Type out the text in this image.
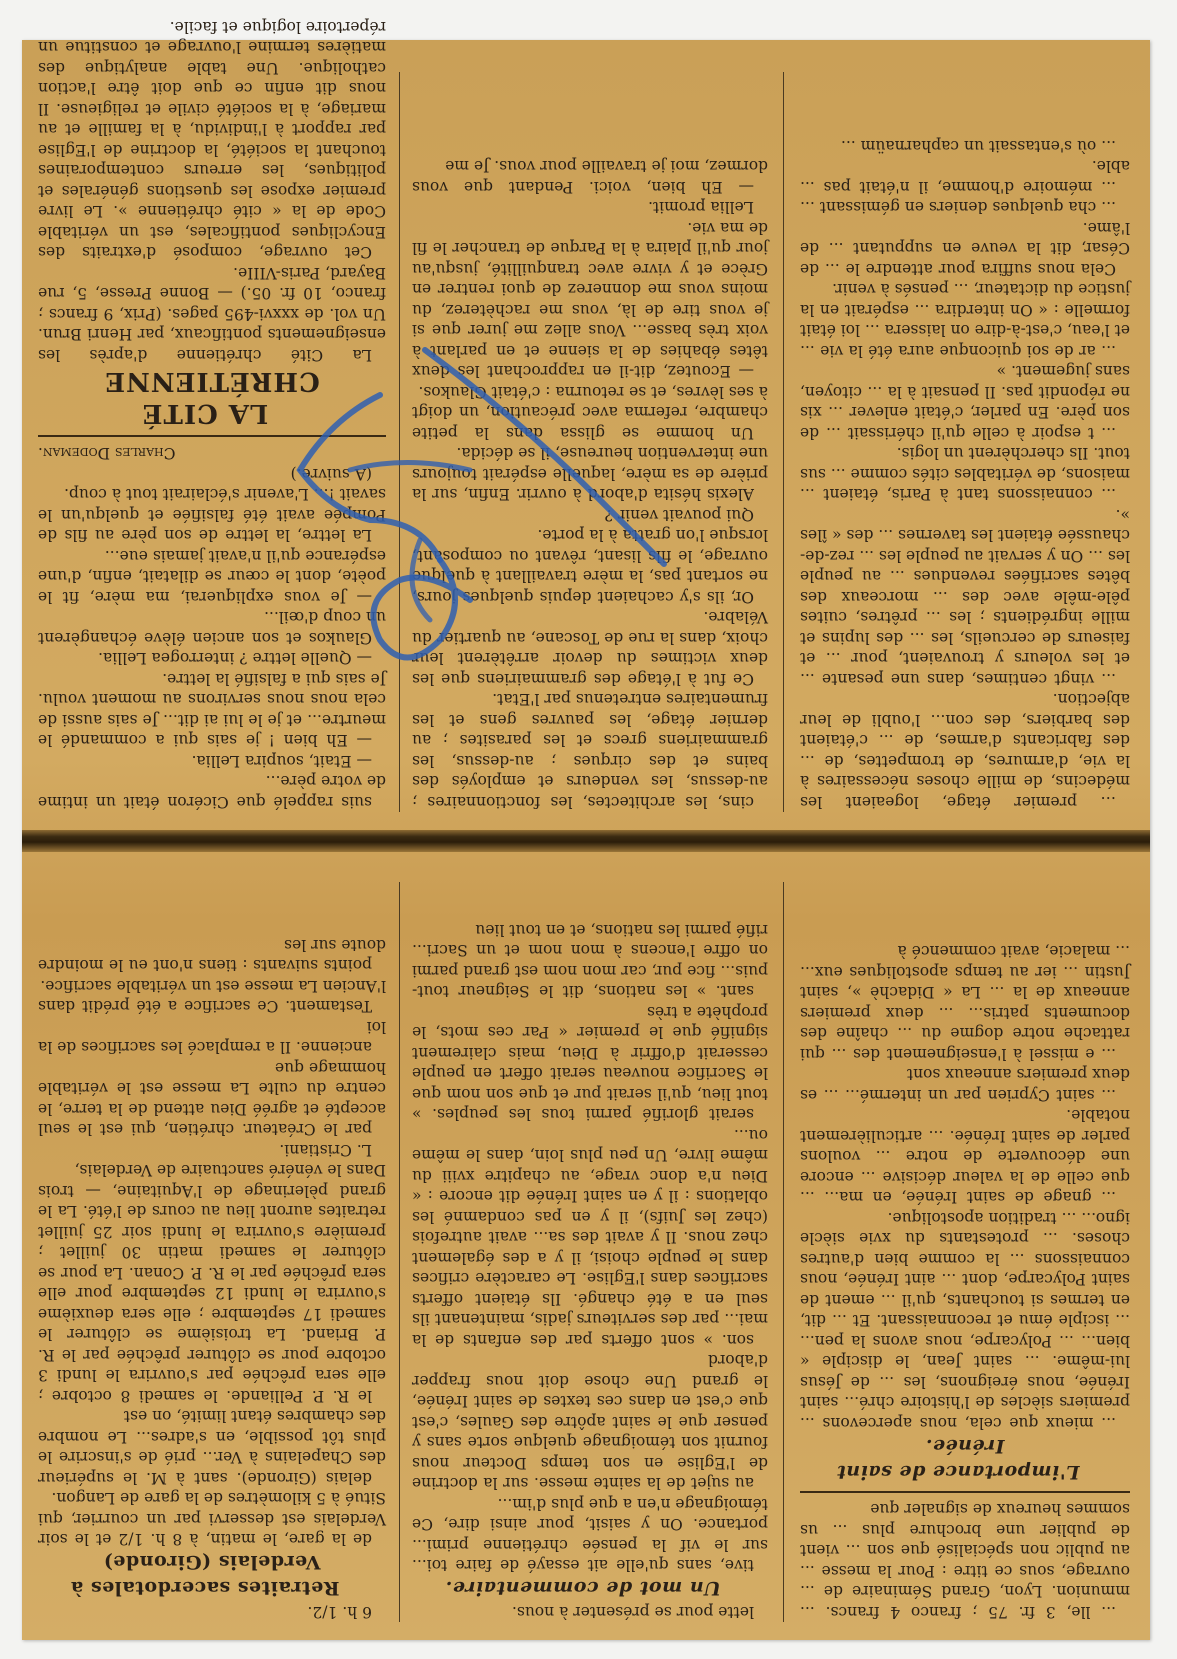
… premier étage, logeaient les médecins, de mille choses nécessaires à la vie, d'armures, de trompettes, de ... des fabricants d'armes, de ... c'étaient des barbiers, des con... l'oubli de leur abjection.

... vingt centimes, dans une pesante ... et les voleurs y trouvaient, pour ... et faiseurs de cercueils, les ... des lupins et mille ingrédients ; les ... prêtres, cuites pêle-mêle avec des ... morceaux des bêtes sacrifiées revendues ... au peuple les ... On y servait au peuple les ... rez-de-chaussée étaient les tavernes ... des « îles ».

... connaissons tant à Paris, étaient ... maisons, de véritables cités comme ... sus tout. Ils cherchèrent un logis.

... t espoir à celle qu'il chérissait ... de son père. En parler, c'était enlever ... xis ne répondit pas. Il pensait à la ... citoyen, sans jugement. »

... ar de soi quiconque aura été la vie ... et l'eau, c'est-à-dire on laissera ... loi était formelle : « On interdira ... espérait en la justice du dictateur, ... pensés à venir.

Cela nous suffira pour attendre le ... de César, dit la veuve en supputant ... de l'âme.

... cha quelques deniers en gémissant ...

... mémoire d'homme, il n'était pas ... able.

... où s'entassait un capharnaüm ...

cins, les architectes, les fonctionnaires ; au-dessus, les vendeurs et employés des bains et des cirques ; au-dessus, les grammairiens grecs et les parasites ; au dernier étage, les pauvres gens et les frumentaires entretenus par l'Etat.

Ce fut à l'étage des grammairiens que les deux victimes du devoir arrêtèrent leur choix, dans la rue de Toscane, au quartier du Vélabre.

Or, ils s'y cachaient depuis quelques jours, ne sortant pas, la mère travaillant à quelque ouvrage, le fils lisant, rêvant ou composant, lorsque l'on gratta à la porte.

Qui pouvait venir ?

Alexis hésita d'abord à ouvrir. Enfin, sur la prière de sa mère, laquelle espérait toujours une intervention heureuse, il se décida.

Un homme se glissa dans la petite chambre, referma avec précaution, un doigt à ses lèvres, et se retourna : c'était Glaukos.

— Ecoutez, dit-il en rapprochant les deux têtes ébahies de la sienne et en parlant à voix très basse... Vous allez me jurer que si je vous tire de là, vous me rachèterez, du moins vous me donnerez de quoi rentrer en Grèce et y vivre avec tranquillité, jusqu'au jour qu'il plaira à la Parque de trancher le fil de ma vie.

Lellia promit.

— Eh bien, voici. Pendant que vous dormez, moi je travaille pour vous. Je me

suis rappelé que Cicéron était un intime de votre père...

— Etait, soupira Lellia.

— Eh bien ! je sais qui a commandé le meurtre... et je le lui ai dit... Je sais aussi de cela nous nous servirons au moment voulu. Je sais qui a falsifié la lettre.

— Quelle lettre ? interrogea Lellia.

Glaukos et son ancien élève échangèrent un coup d'œil...

— Je vous expliquerai, ma mère, fit le poète, dont le cœur se dilatait, enfin, d'une espérance qu'il n'avait jamais eue...

La lettre, la lettre de son père au fils de Pompée avait été falsifiée et quelqu'un le savait !... L'avenir s'éclairait tout à coup.

(A suivre.)

Charles Dodeman.

LA CITÉ CHRÉTIENNE

La Cité chrétienne d'après les enseignements pontificaux, par Henri Brun. Un vol. de xxxvi-495 pages. (Prix, 9 francs ; franco, 10 fr. 05.) — Bonne Presse, 5, rue Bayard, Paris-VIIIe.

Cet ouvrage, composé d'extraits des Encycliques pontificales, est un véritable Code de la « cité chrétienne ». Le livre premier expose les questions générales et politiques, les erreurs contemporaines touchant la société, la doctrine de l'Eglise par rapport à l'individu, à la famille et au mariage, à la société civile et religieuse. Il nous dit enfin ce que doit être l'action catholique. Une table analytique des matières termine l'ouvrage et constitue un répertoire logique et facile.

... lle, 3 fr. 75 ; franco 4 francs. ... mmunion. Lyon, Grand Séminaire de ... ouvrage, sous ce titre : Pour la messe ... au public non spécialisé que son ... vient de publier une brochure plus ... us sommes heureux de signaler que

L'importance de saint Irénée.

... mieux que cela, nous apercevons ... premiers siècles de l'histoire chré... saint Irénée, nous éreignons, les ... de Jésus lui-même. ... saint Jean, le disciple « bien... ... Polycarpe, nous avons la pen... ... isciple ému et reconnaissant. Et ... dit, en termes si touchants, qu'il ... ement de saint Polycarpe, dont ... aint Irénée, nous connaissons ... la comme bien d'autres choses. ... protestants du xvie siècle igno... ... tradition apostolique.

... gnage de saint Irénée, en ma... ... que celle de la valeur décisive ... encore une découverte de notre ... voulons parler de saint Irénée. ... articulièrement notable.

... saint Cyprien par un intermé... ... es deux premiers anneaux sont

... e missel à l'enseignement des ... qui rattache notre dogme du ... chaîne des documents patris... ... deux premiers anneaux de la ... La « Didachè », saint Justin ... ier au temps apostoliques eux... ... malacie, avait commencé à

lette pour se présenter à nous.

Un mot de commentaire.

tive, sans qu'elle ait essayé de faire toi... sur le vif la pensée chrétienne primi... portance. On y saisit, pour ainsi dire, Ce témoignage n'en a que plus d'im...

au sujet de la sainte messe. sur la doctrine de l'Eglise en son temps Docteur nous fournit son témoignage quelque sorte sans y penser que le saint apôtre des Gaules, c'est que c'est en dans ces textes de saint Irénée, le grand Une chose doit nous frapper d'abord

son. » sont offerts par des enfants de la mai... par des serviteurs jadis, maintenant ils seul en a été changé. Ils étaient offerts sacrifices dans l'Eglise. Le caractère crifices dans le peuple choisi, il y a des également chez nous. Il y avait des sa... avait autrefois (chez les Juifs), il y en pas condamné les oblations : il y en saint Irénée dit encore : « Dieu n'a donc vrage, au chapitre xviii du même livre, Un peu plus loin, dans le même ou...

serait glorifié parmi tous les peuples. » tout lieu, qu'il serait pur et que son nom que le Sacrifice nouveau serait offert en peuple cesserait d'offrir à Dieu, mais clairement signifié que le premier « Par ces mots, le prophète a très

sant. » les nations, dit le Seigneur tout-puis... fice pur, car mon nom est grand parmi on offre l'encens à mon nom et un Sacri... rifié parmi les nations, et en tout lieu

6 h. 1/2.

Retraites sacerdotales à Verdelais (Gironde)

de la gare, le matin, à 8 h. 1/2 et le soir Verdelais est desservi par un courrier, qui Situé à 5 kilomètres de la gare de Langon.

delais (Gironde). sant à M. le supérieur des Chapelains à Ver... prié de s'inscrire le plus tôt possible, en s'adres... Le nombre des chambres étant limité, on est

le R. P. Pelliande. le samedi 8 octobre ; elle sera prêchée par s'ouvrira le lundi 3 octobre pour se clôturer prêchée par le R. P. Briand. La troisième se clôturer le samedi 17 septembre ; elle sera deuxième s'ouvrira le lundi 12 septembre pour elle sera prêchée par le R. P. Conan. La pour se clôturer le samedi matin 30 juillet ; première s'ouvrira le lundi soir 25 juillet retraites auront lieu au cours de l'été. La le grand pèlerinage de l'Aquitaine, — trois Dans le vénéré sanctuaire de Verdelais,

L. Cristiani.

par le Créateur. chrétien, qui est le seul accepté et agréé Dieu attend de la terre, le centre du culte La messe est le véritable hommage que

ancienne. Il a remplacé les sacrifices de la loi

Testament. Ce sacrifice a été prédit dans l'Ancien La messe est un véritable sacrifice.

points suivants : tiens n'ont eu le moindre doute sur les
